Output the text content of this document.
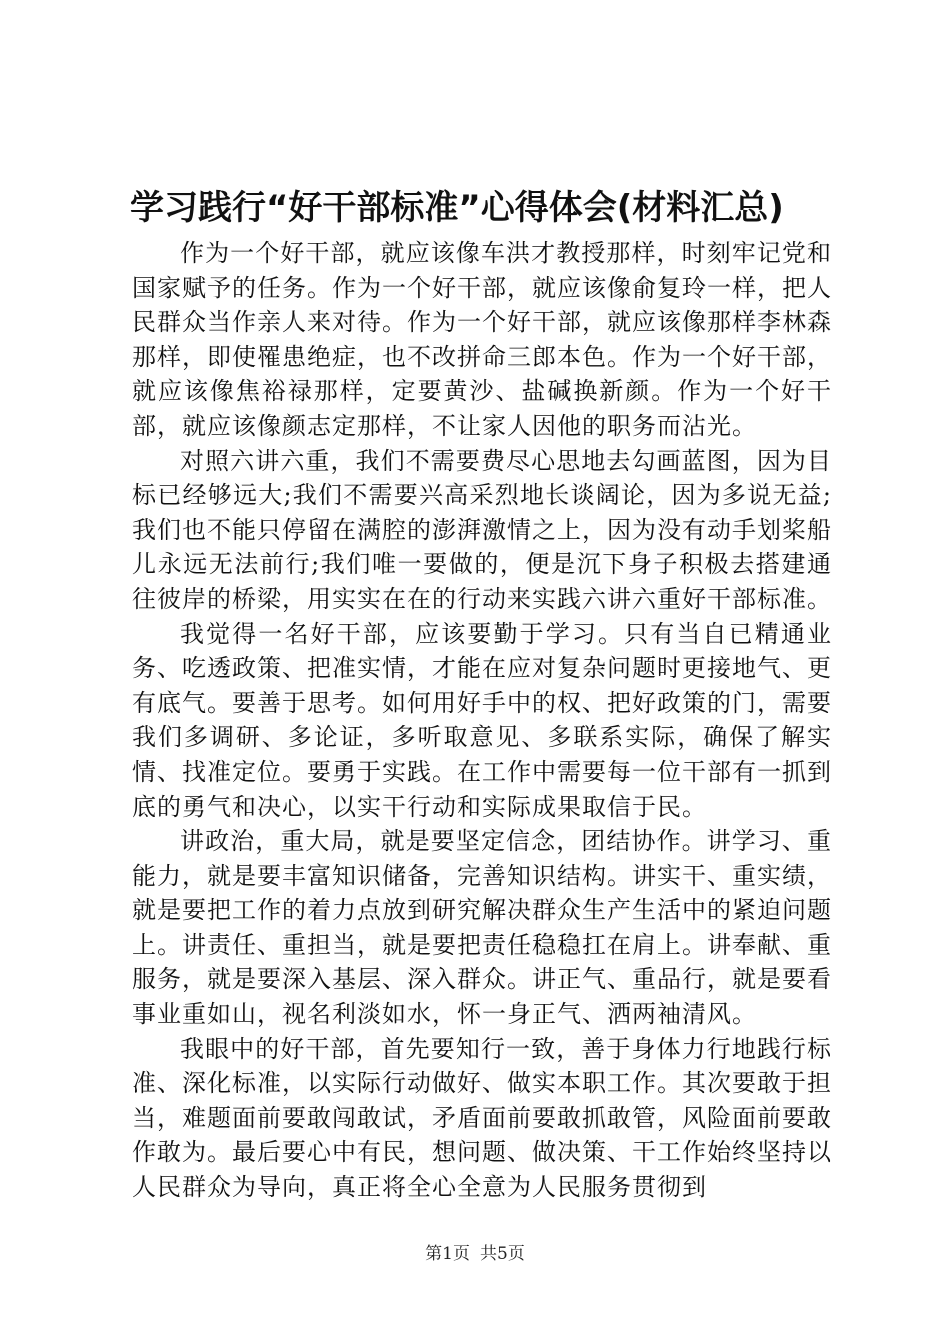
学习践行“好干部标准”心得体会(材料汇总)

作为一个好干部，就应该像车洪才教授那样，时刻牢记党和国家赋予的任务。作为一个好干部，就应该像俞复玲一样，把人民群众当作亲人来对待。作为一个好干部，就应该像那样李林森那样，即使罹患绝症，也不改拼命三郎本色。作为一个好干部，就应该像焦裕禄那样，定要黄沙、盐碱换新颜。作为一个好干部，就应该像颜志定那样，不让家人因他的职务而沾光。

对照六讲六重，我们不需要费尽心思地去勾画蓝图，因为目标已经够远大;我们不需要兴高采烈地长谈阔论，因为多说无益;我们也不能只停留在满腔的澎湃激情之上，因为没有动手划桨船儿永远无法前行;我们唯一要做的，便是沉下身子积极去搭建通往彼岸的桥梁，用实实在在的行动来实践六讲六重好干部标准。

我觉得一名好干部，应该要勤于学习。只有当自已精通业务、吃透政策、把准实情，才能在应对复杂问题时更接地气、更有底气。要善于思考。如何用好手中的权、把好政策的门，需要我们多调研、多论证，多听取意见、多联系实际，确保了解实情、找准定位。要勇于实践。在工作中需要每一位干部有一抓到底的勇气和决心，以实干行动和实际成果取信于民。

讲政治，重大局，就是要坚定信念，团结协作。讲学习、重能力，就是要丰富知识储备，完善知识结构。讲实干、重实绩，就是要把工作的着力点放到研究解决群众生产生活中的紧迫问题上。讲责任、重担当，就是要把责任稳稳扛在肩上。讲奉献、重服务，就是要深入基层、深入群众。讲正气、重品行，就是要看事业重如山，视名利淡如水，怀一身正气、洒两袖清风。

我眼中的好干部，首先要知行一致，善于身体力行地践行标准、深化标准，以实际行动做好、做实本职工作。其次要敢于担当，难题面前要敢闯敢试，矛盾面前要敢抓敢管，风险面前要敢作敢为。最后要心中有民，想问题、做决策、干工作始终坚持以人民群众为导向，真正将全心全意为人民服务贯彻到

第1页 共5页
